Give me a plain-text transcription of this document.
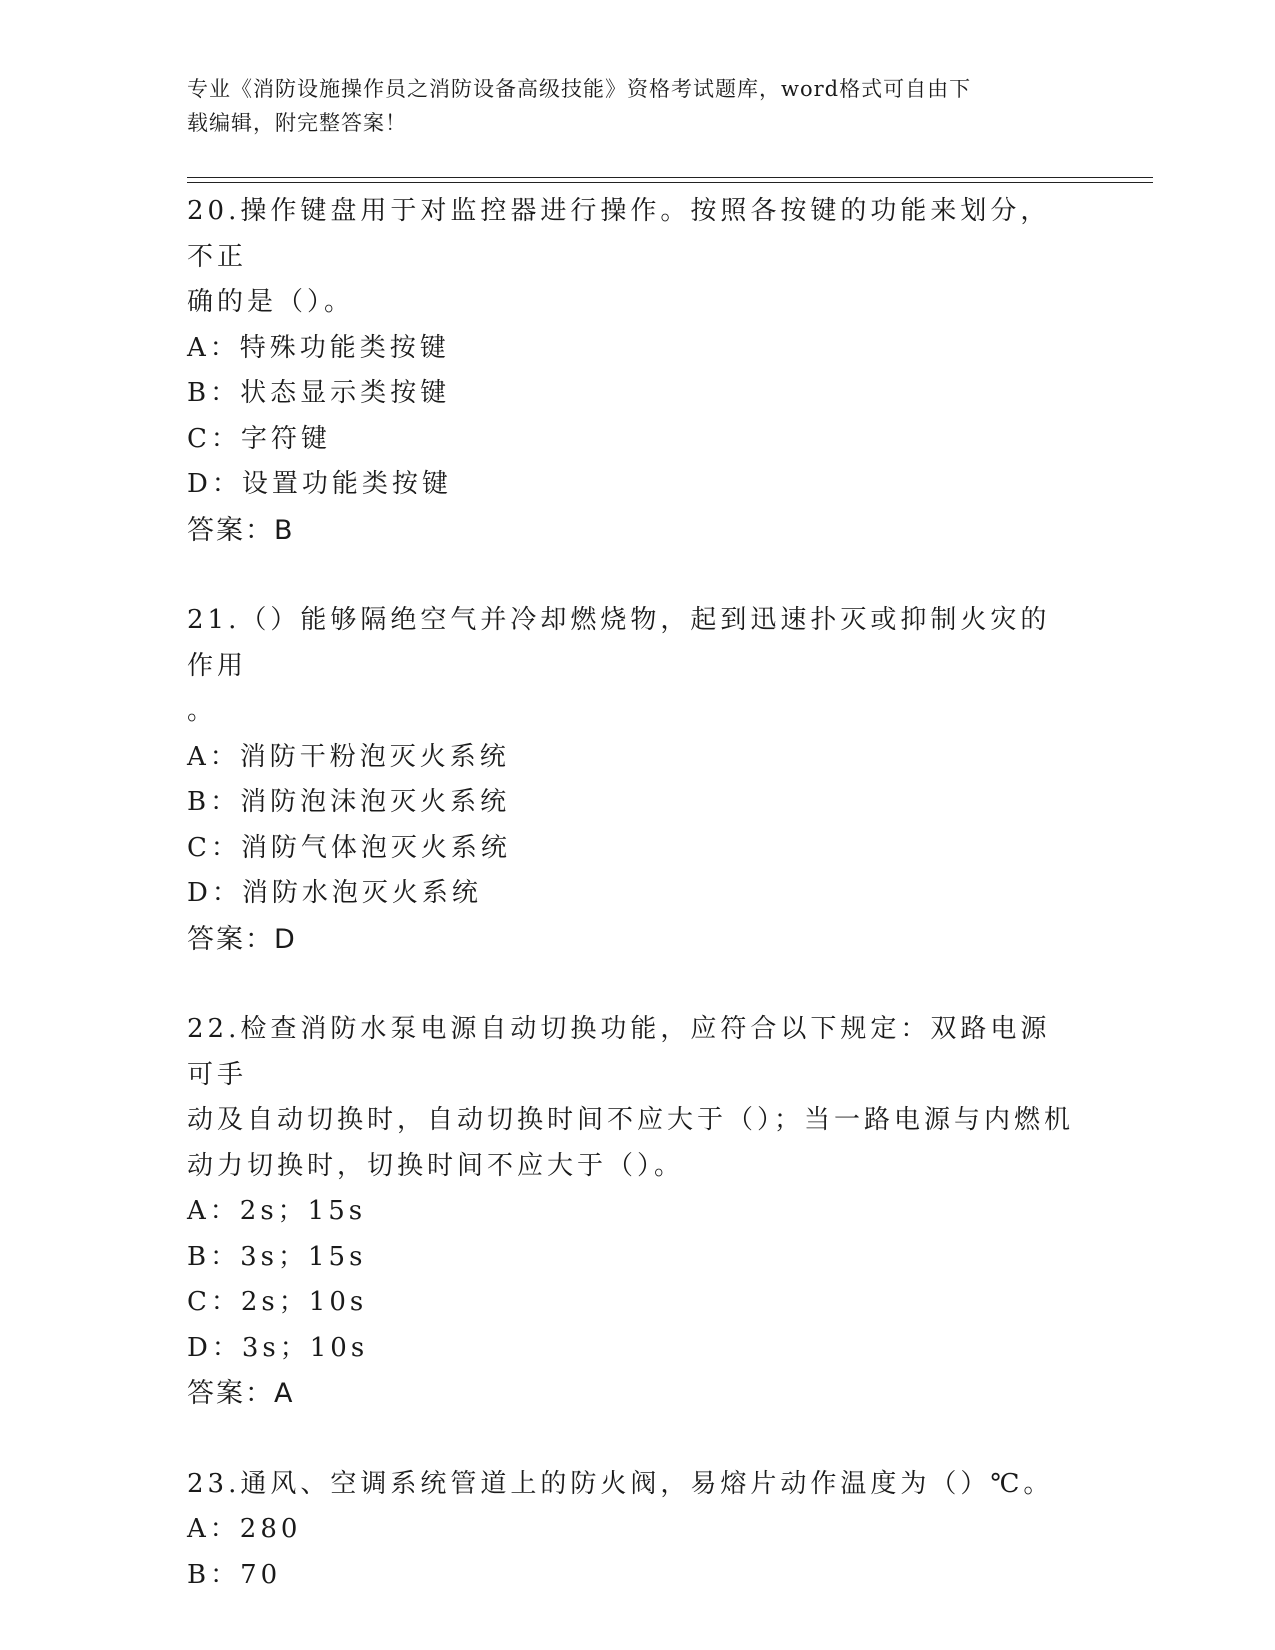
专业《消防设施操作员之消防设备高级技能》资格考试题库，word格式可自由下
载编辑，附完整答案！

20.操作键盘用于对监控器进行操作。按照各按键的功能来划分，不正

确的是（）。

A：特殊功能类按键

B：状态显示类按键

C：字符键

D：设置功能类按键

答案：B

21.（）能够隔绝空气并冷却燃烧物，起到迅速扑灭或抑制火灾的作用

。

A：消防干粉泡灭火系统

B：消防泡沫泡灭火系统

C：消防气体泡灭火系统

D：消防水泡灭火系统

答案：D

22.检查消防水泵电源自动切换功能，应符合以下规定：双路电源可手

动及自动切换时，自动切换时间不应大于（）；当一路电源与内燃机

动力切换时，切换时间不应大于（）。

A：2s；15s

B：3s；15s

C：2s；10s

D：3s；10s

答案：A

23.通风、空调系统管道上的防火阀，易熔片动作温度为（）℃。

A：280

B：70
